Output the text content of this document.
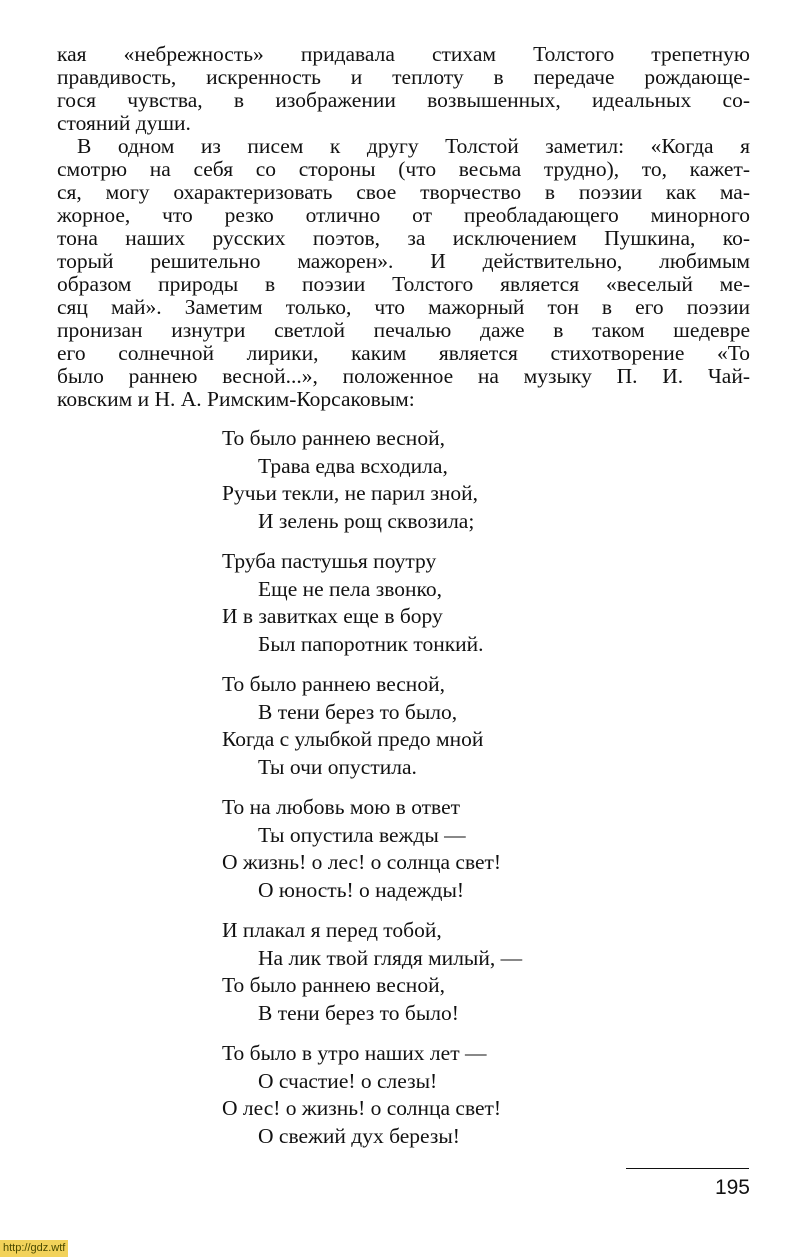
кая «небрежность» придавала стихам Толстого трепетную
правдивость, искренность и теплоту в передаче рождающе-
гося чувства, в изображении возвышенных, идеальных со-
стояний души.
В одном из писем к другу Толстой заметил: «Когда я
смотрю на себя со стороны (что весьма трудно), то, кажет-
ся, могу охарактеризовать свое творчество в поэзии как ма-
жорное, что резко отлично от преобладающего минорного
тона наших русских поэтов, за исключением Пушкина, ко-
торый решительно мажорен». И действительно, любимым
образом природы в поэзии Толстого является «веселый ме-
сяц май». Заметим только, что мажорный тон в его поэзии
пронизан изнутри светлой печалью даже в таком шедевре
его солнечной лирики, каким является стихотворение «То
было раннею весной...», положенное на музыку П. И. Чай-
ковским и Н. А. Римским-Корсаковым:
То было раннею весной,
Трава едва всходила,
Ручьи текли, не парил зной,
И зелень рощ сквозила;
Труба пастушья поутру
Еще не пела звонко,
И в завитках еще в бору
Был папоротник тонкий.
То было раннею весной,
В тени берез то было,
Когда с улыбкой предо мной
Ты очи опустила.
То на любовь мою в ответ
Ты опустила вежды —
О жизнь! о лес! о солнца свет!
О юность! о надежды!
И плакал я перед тобой,
На лик твой глядя милый, —
То было раннею весной,
В тени берез то было!
То было в утро наших лет —
О счастие! о слезы!
О лес! о жизнь! о солнца свет!
О свежий дух березы!
195
http://gdz.wtf
